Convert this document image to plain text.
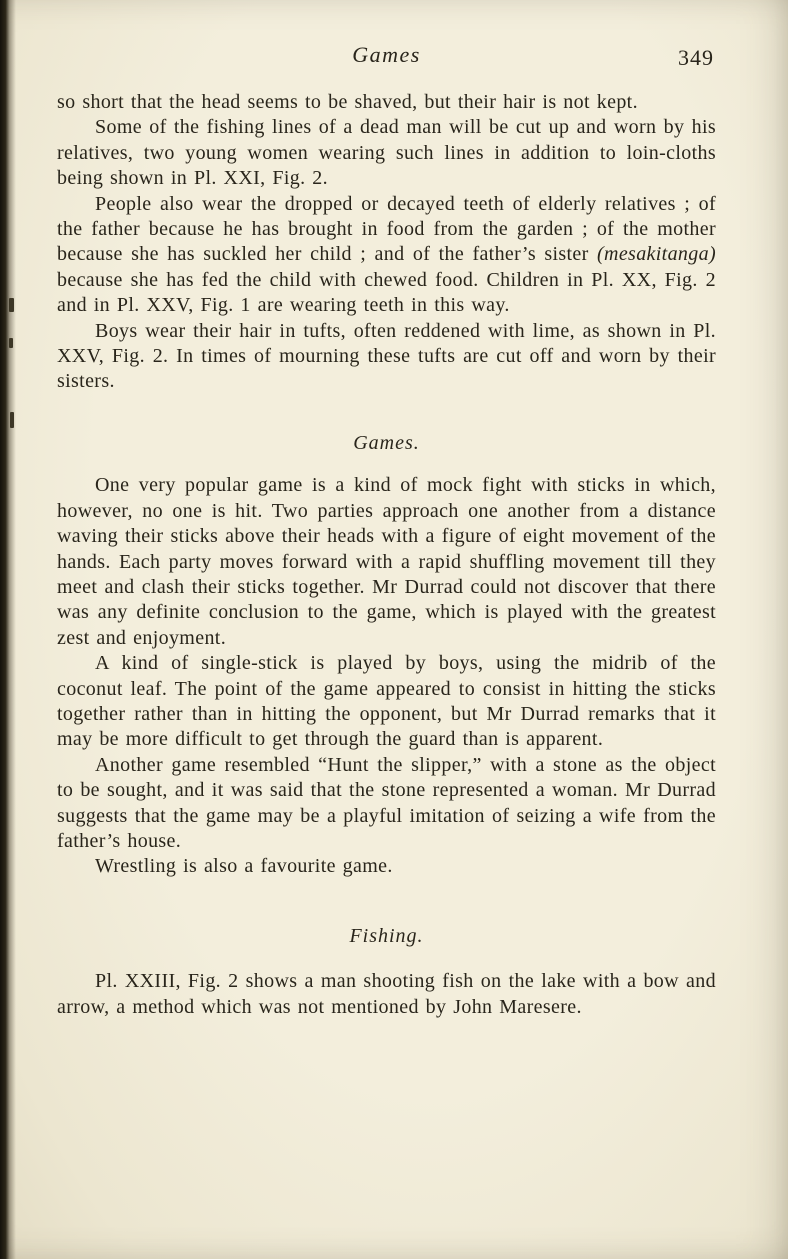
Games	349

so short that the head seems to be shaved, but their hair is not kept.

Some of the fishing lines of a dead man will be cut up and worn by his relatives, two young women wearing such lines in addition to loin-cloths being shown in Pl. XXI, Fig. 2.

People also wear the dropped or decayed teeth of elderly relatives ; of the father because he has brought in food from the garden ; of the mother because she has suckled her child ; and of the father’s sister (mesakitanga) because she has fed the child with chewed food. Children in Pl. XX, Fig. 2 and in Pl. XXV, Fig. 1 are wearing teeth in this way.

Boys wear their hair in tufts, often reddened with lime, as shown in Pl. XXV, Fig. 2. In times of mourning these tufts are cut off and worn by their sisters.

Games.

One very popular game is a kind of mock fight with sticks in which, however, no one is hit. Two parties approach one another from a distance waving their sticks above their heads with a figure of eight movement of the hands. Each party moves forward with a rapid shuffling movement till they meet and clash their sticks together. Mr Durrad could not discover that there was any definite conclusion to the game, which is played with the greatest zest and enjoyment.

A kind of single-stick is played by boys, using the midrib of the coconut leaf. The point of the game appeared to consist in hitting the sticks together rather than in hitting the opponent, but Mr Durrad remarks that it may be more difficult to get through the guard than is apparent.

Another game resembled “Hunt the slipper,” with a stone as the object to be sought, and it was said that the stone represented a woman. Mr Durrad suggests that the game may be a playful imitation of seizing a wife from the father’s house.

Wrestling is also a favourite game.

Fishing.

Pl. XXIII, Fig. 2 shows a man shooting fish on the lake with a bow and arrow, a method which was not mentioned by John Maresere.
